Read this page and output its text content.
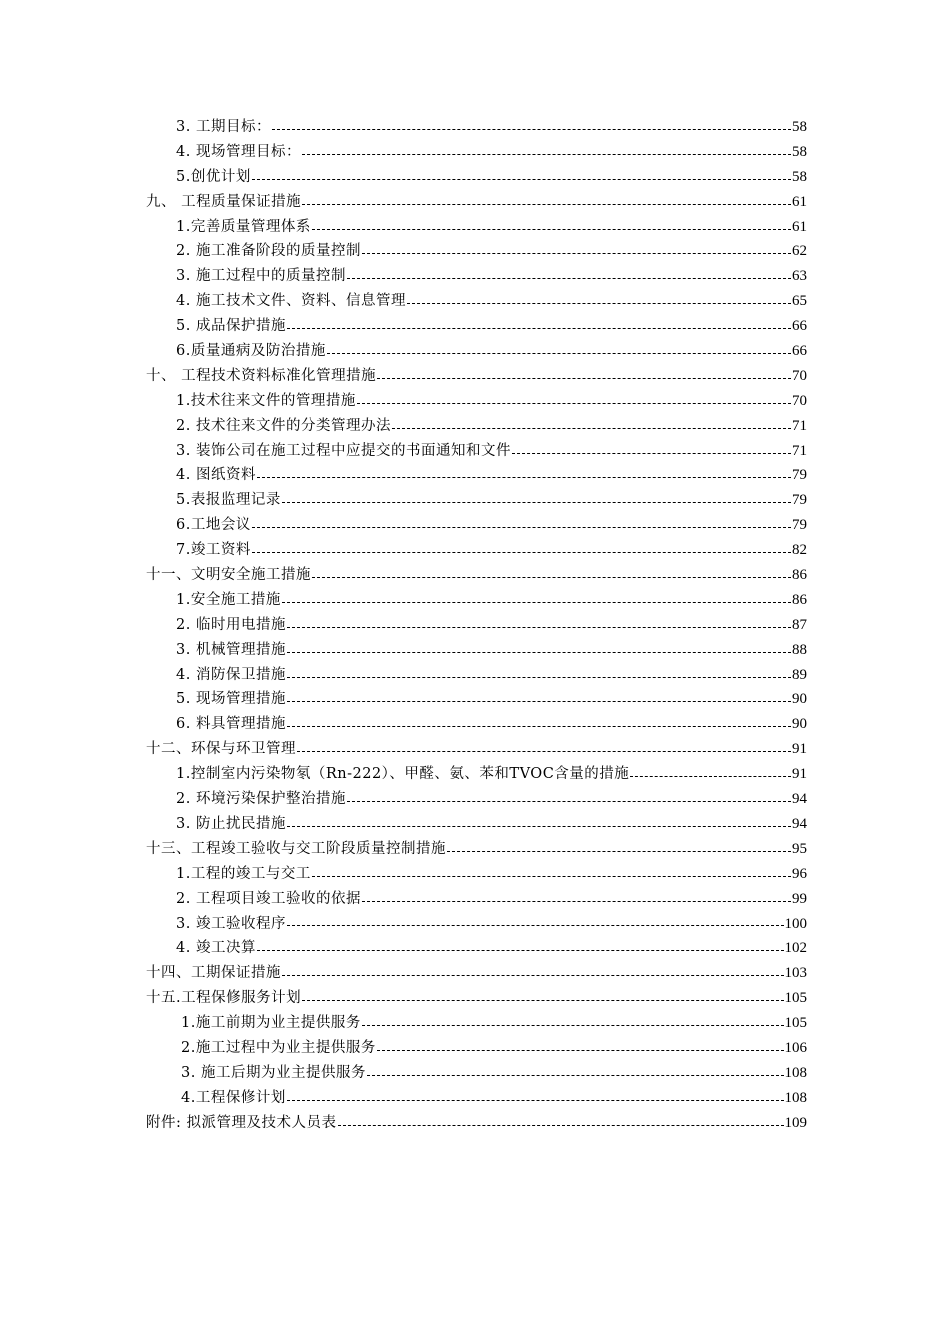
3. 工期目标：	58
4. 现场管理目标：	58
5.创优计划	58
九、 工程质量保证措施	61
1.完善质量管理体系	61
2. 施工准备阶段的质量控制	62
3. 施工过程中的质量控制	63
4. 施工技术文件、资料、信息管理	65
5. 成品保护措施	66
6.质量通病及防治措施	66
十、 工程技术资料标准化管理措施	70
1.技术往来文件的管理措施	70
2. 技术往来文件的分类管理办法	71
3. 装饰公司在施工过程中应提交的书面通知和文件	71
4. 图纸资料	79
5.表报监理记录	79
6.工地会议	79
7.竣工资料	82
十一、文明安全施工措施	86
1.安全施工措施	86
2. 临时用电措施	87
3. 机械管理措施	88
4. 消防保卫措施	89
5. 现场管理措施	90
6. 料具管理措施	90
十二、环保与环卫管理	91
1.控制室内污染物氡（Rn-222）、甲醛、氨、苯和TVOC含量的措施	91
2. 环境污染保护整治措施	94
3. 防止扰民措施	94
十三、工程竣工验收与交工阶段质量控制措施	95
1.工程的竣工与交工	96
2. 工程项目竣工验收的依据	99
3. 竣工验收程序	100
4. 竣工决算	102
十四、工期保证措施	103
十五.工程保修服务计划	105
1.施工前期为业主提供服务	105
2.施工过程中为业主提供服务	106
3. 施工后期为业主提供服务	108
4.工程保修计划	108
附件: 拟派管理及技术人员表	109
